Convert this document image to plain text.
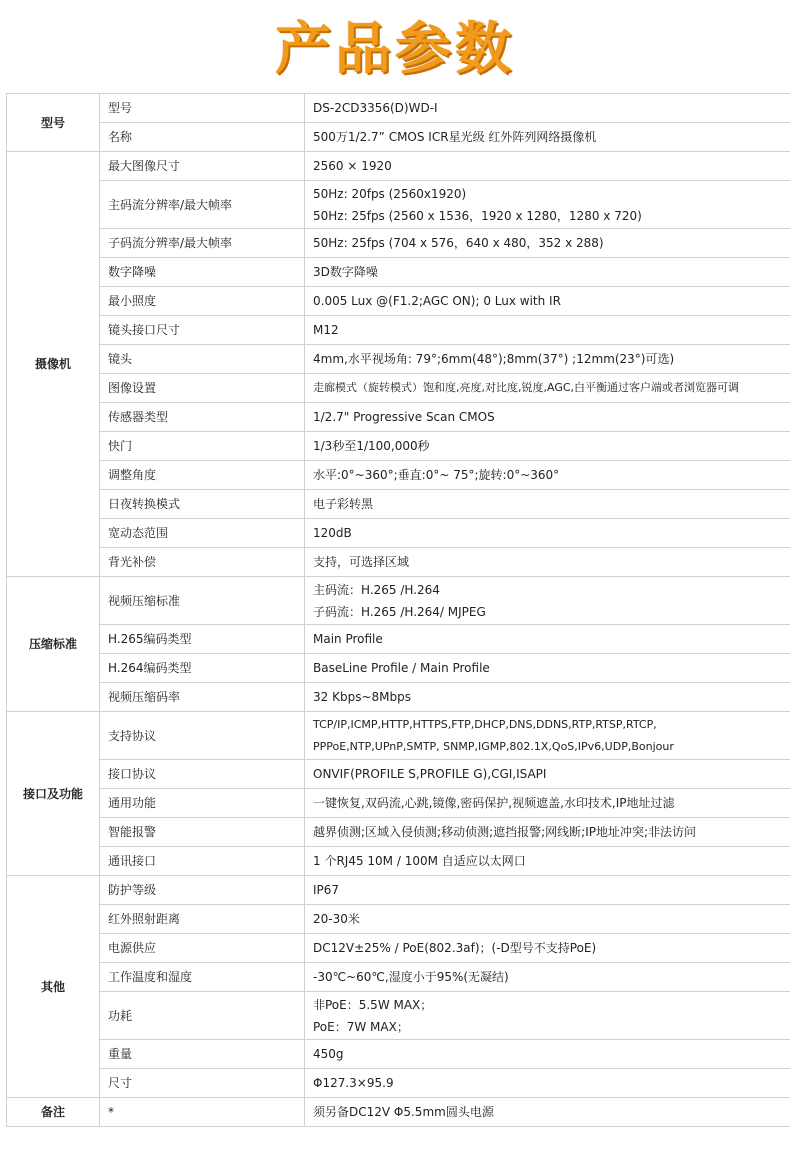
产品参数
型号	型号	DS-2CD3356(D)WD-I

	名称	500万1/2.7” CMOS ICR星光级 红外阵列网络摄像机

摄像机	最大图像尺寸	2560 × 1920

	主码流分辨率/最大帧率	50Hz: 20fps (2560x1920)
50Hz: 25fps (2560 x 1536，1920 x 1280，1280 x 720)

	子码流分辨率/最大帧率	50Hz: 25fps (704 x 576，640 x 480，352 x 288)

	数字降噪	3D数字降噪

	最小照度	0.005 Lux @(F1.2;AGC ON); 0 Lux with IR

	镜头接口尺寸	M12

	镜头	4mm,水平视场角: 79°;6mm(48°);8mm(37°) ;12mm(23°)可选)

	图像设置	走廊模式（旋转模式）饱和度,亮度,对比度,锐度,AGC,白平衡通过客户端或者浏览器可调

	传感器类型	1/2.7" Progressive Scan CMOS

	快门	1/3秒至1/100,000秒

	调整角度	水平:0°~360°;垂直:0°~ 75°;旋转:0°~360°

	日夜转换模式	电子彩转黑

	宽动态范围	120dB

	背光补偿	支持，可选择区域

压缩标准	视频压缩标准	主码流：H.265 /H.264
子码流：H.265 /H.264/ MJPEG

	H.265编码类型	Main Profile

	H.264编码类型	BaseLine Profile / Main Profile

	视频压缩码率	32 Kbps~8Mbps

接口及功能	支持协议	TCP/IP,ICMP,HTTP,HTTPS,FTP,DHCP,DNS,DDNS,RTP,RTSP,RTCP,
PPPoE,NTP,UPnP,SMTP, SNMP,IGMP,802.1X,QoS,IPv6,UDP,Bonjour

	接口协议	ONVIF(PROFILE S,PROFILE G),CGI,ISAPI

	通用功能	一键恢复,双码流,心跳,镜像,密码保护,视频遮盖,水印技术,IP地址过滤

	智能报警	越界侦测;区域入侵侦测;移动侦测;遮挡报警;网线断;IP地址冲突;非法访问

	通讯接口	1 个RJ45 10M / 100M 自适应以太网口

其他	防护等级	IP67

	红外照射距离	20-30米

	电源供应	DC12V±25% / PoE(802.3af)；(-D型号不支持PoE)

	工作温度和湿度	-30℃~60℃,湿度小于95%(无凝结)

	功耗	非PoE：5.5W MAX；
PoE：7W MAX；

	重量	450g

	尺寸	Φ127.3×95.9

备注	*	须另备DC12V Φ5.5mm圆头电源
